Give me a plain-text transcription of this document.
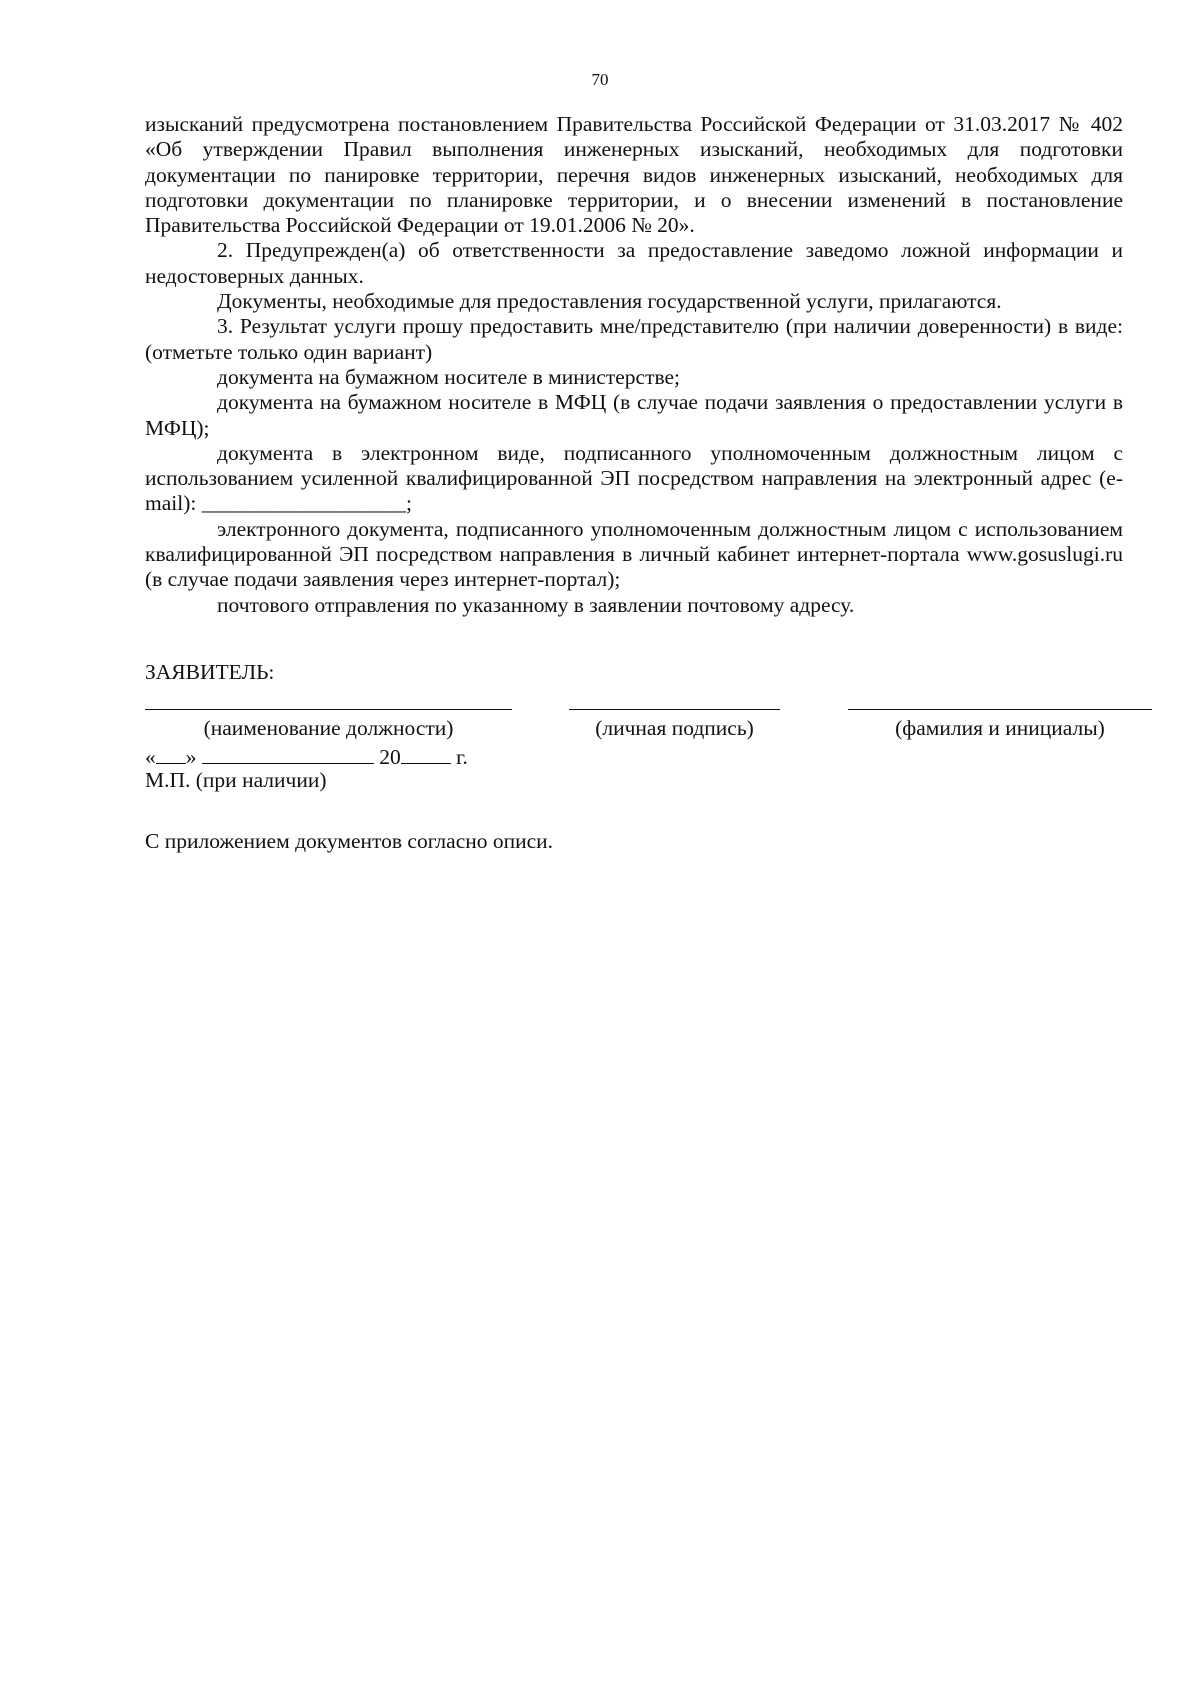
70

изысканий предусмотрена постановлением Правительства Российской Федерации от 31.03.2017 № 402 «Об утверждении Правил выполнения инженерных изысканий, необходимых для подготовки документации по панировке территории, перечня видов инженерных изысканий, необходимых для подготовки документации по планировке территории, и о внесении изменений в постановление Правительства Российской Федерации от 19.01.2006 № 20».

2. Предупрежден(а) об ответственности за предоставление заведомо ложной информации и недостоверных данных.

Документы, необходимые для предоставления государственной услуги, прилагаются.

3. Результат услуги прошу предоставить мне/представителю (при наличии доверенности) в виде: (отметьте только один вариант)

документа на бумажном носителе в министерстве;

документа на бумажном носителе в МФЦ (в случае подачи заявления о предоставлении услуги в МФЦ);

документа в электронном виде, подписанного уполномоченным должностным лицом с использованием усиленной квалифицированной ЭП посредством направления на электронный адрес (e-mail): ___________________;

электронного документа, подписанного уполномоченным должностным лицом с использованием квалифицированной ЭП посредством направления в личный кабинет интернет-портала www.gosuslugi.ru (в случае подачи заявления через интернет-портал);

почтового отправления по указанному в заявлении почтовому адресу.

ЗАЯВИТЕЛЬ:
(наименование должности)	(личная подпись)	(фамилия и инициалы)
« »	20	г.
М.П. (при наличии)
С приложением документов согласно описи.
